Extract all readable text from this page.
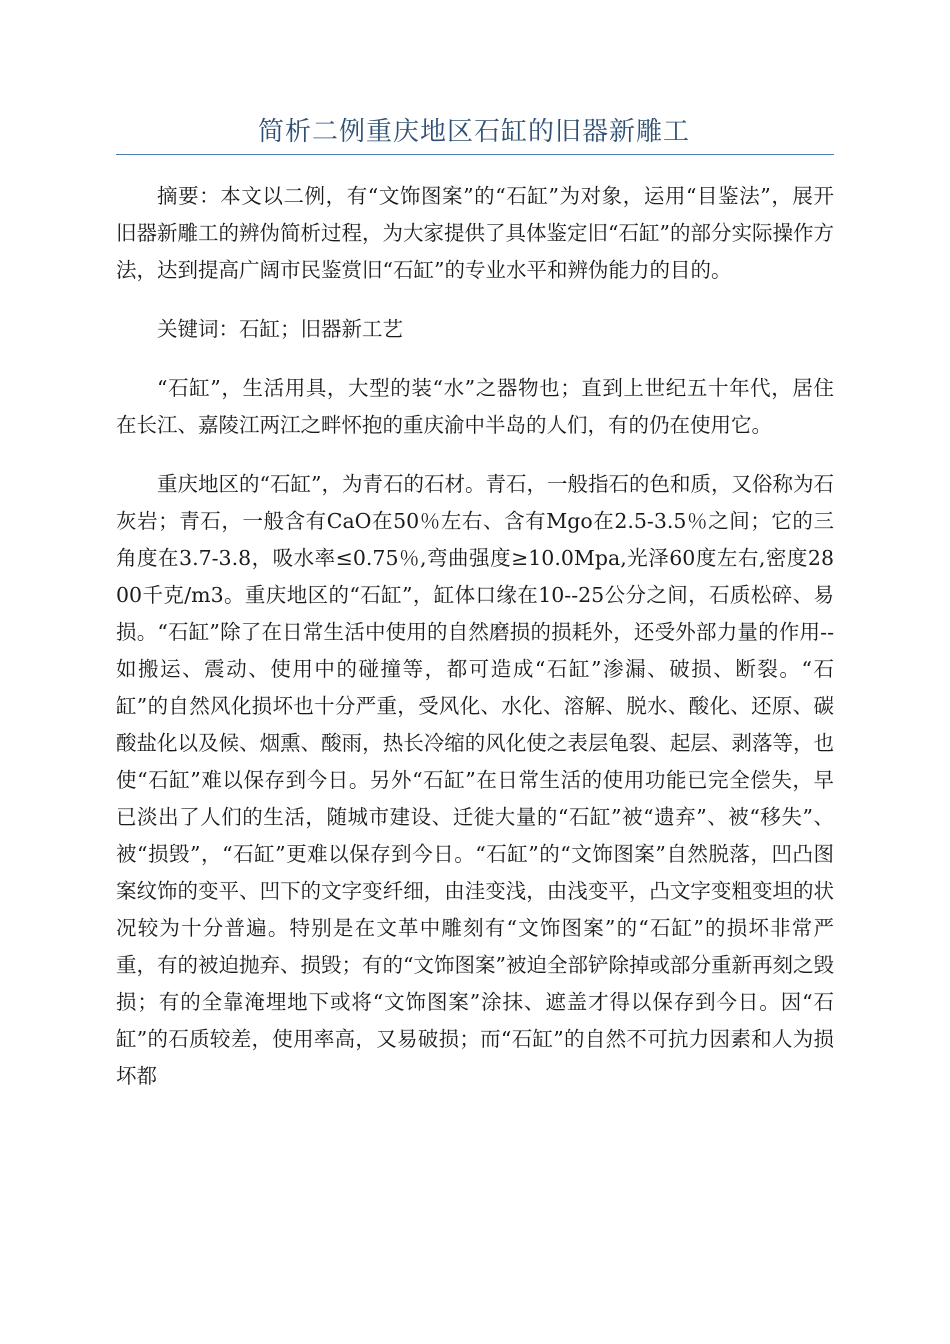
简析二例重庆地区石缸的旧器新雕工

摘要：本文以二例，有“文饰图案”的“石缸”为对象，运用“目鉴法”，展开旧器新雕工的辨伪简析过程，为大家提供了具体鉴定旧“石缸”的部分实际操作方法，达到提高广阔市民鉴赏旧“石缸”的专业水平和辨伪能力的目的。

关键词：石缸；旧器新工艺

“石缸”，生活用具，大型的装“水”之器物也；直到上世纪五十年代，居住在长江、嘉陵江两江之畔怀抱的重庆渝中半岛的人们，有的仍在使用它。

重庆地区的“石缸”，为青石的石材。青石，一般指石的色和质，又俗称为石灰岩；青石，一般含有CaO在50％左右、含有Mgo在2.5-3.5％之间；它的三角度在3.7-3.8，吸水率≤0.75％,弯曲强度≥10.0Mpa,光泽60度左右,密度2800千克/m3。重庆地区的“石缸”，缸体口缘在10--25公分之间，石质松碎、易损。“石缸”除了在日常生活中使用的自然磨损的损耗外，还受外部力量的作用--如搬运、震动、使用中的碰撞等，都可造成“石缸”渗漏、破损、断裂。“石缸”的自然风化损坏也十分严重，受风化、水化、溶解、脱水、酸化、还原、碳酸盐化以及候、烟熏、酸雨，热长冷缩的风化使之表层龟裂、起层、剥落等，也使“石缸”难以保存到今日。另外“石缸”在日常生活的使用功能已完全偿失，早已淡出了人们的生活，随城市建设、迁徙大量的“石缸”被“遗弃”、被“移失”、被“损毁”，“石缸”更难以保存到今日。“石缸”的“文饰图案”自然脱落，凹凸图案纹饰的变平、凹下的文字变纤细，由洼变浅，由浅变平，凸文字变粗变坦的状况较为十分普遍。特别是在文革中雕刻有“文饰图案”的“石缸”的损坏非常严重，有的被迫抛弃、损毁；有的“文饰图案”被迫全部铲除掉或部分重新再刻之毁损；有的全靠淹埋地下或将“文饰图案”涂抹、遮盖才得以保存到今日。因“石缸”的石质较差，使用率高，又易破损；而“石缸”的自然不可抗力因素和人为损坏都
